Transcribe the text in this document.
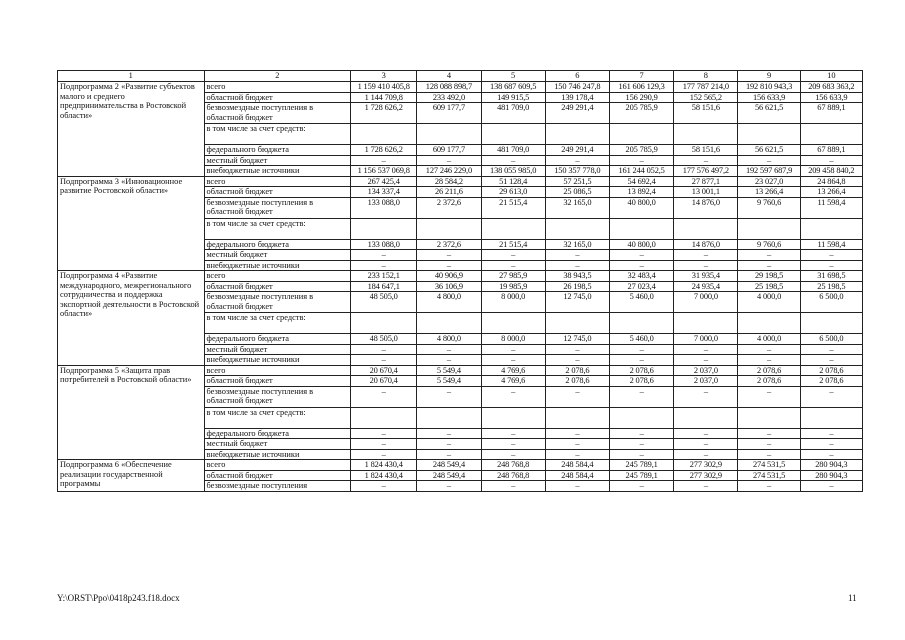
1	2	3	4	5	6	7	8	9	10
Подпрограмма 2 «Развитие субъектов малого и среднего предпринимательства в Ростовской области»	всего	1 159 410 405,8	128 088 898,7	138 687 609,5	150 746 247,8	161 606 129,3	177 787 214,0	192 810 943,3	209 683 363,2
	областной бюджет	1 144 709,8	233 492,0	149 915,5	139 178,4	156 290,9	152 565,2	156 633,9	156 633,9
	безвозмездные поступления в областной бюджет	1 728 626,2	609 177,7	481 709,0	249 291,4	205 785,9	58 151,6	56 621,5	67 889,1
	в том числе за счет средств:								
	федерального бюджета	1 728 626,2	609 177,7	481 709,0	249 291,4	205 785,9	58 151,6	56 621,5	67 889,1
	местный бюджет	–	–	–	–	–	–	–	–
	внебюджетные источники	1 156 537 069,8	127 246 229,0	138 055 985,0	150 357 778,0	161 244 052,5	177 576 497,2	192 597 687,9	209 458 840,2
Подпрограмма 3 «Инновационное развитие Ростовской области»	всего	267 425,4	28 584,2	51 128,4	57 251,5	54 692,4	27 877,1	23 027,0	24 864,8
	областной бюджет	134 337,4	26 211,6	29 613,0	25 086,5	13 892,4	13 001,1	13 266,4	13 266,4
	безвозмездные поступления в областной бюджет	133 088,0	2 372,6	21 515,4	32 165,0	40 800,0	14 876,0	9 760,6	11 598,4
	в том числе за счет средств:								
	федерального бюджета	133 088,0	2 372,6	21 515,4	32 165,0	40 800,0	14 876,0	9 760,6	11 598,4
	местный бюджет	–	–	–	–	–	–	–	–
	внебюджетные источники	–	–	–	–	–	–	–	–
Подпрограмма 4 «Развитие международного, межрегионального сотрудничества и поддержка экспортной деятельности в Ростовской области»	всего	233 152,1	40 906,9	27 985,9	38 943,5	32 483,4	31 935,4	29 198,5	31 698,5
	областной бюджет	184 647,1	36 106,9	19 985,9	26 198,5	27 023,4	24 935,4	25 198,5	25 198,5
	безвозмездные поступления в областной бюджет	48 505,0	4 800,0	8 000,0	12 745,0	5 460,0	7 000,0	4 000,0	6 500,0
	в том числе за счет средств:								
	федерального бюджета	48 505,0	4 800,0	8 000,0	12 745,0	5 460,0	7 000,0	4 000,0	6 500,0
	местный бюджет	–	–	–	–	–	–	–	–
	внебюджетные источники	–	–	–	–	–	–	–	–
Подпрограмма 5 «Защита прав потребителей в Ростовской области»	всего	20 670,4	5 549,4	4 769,6	2 078,6	2 078,6	2 037,0	2 078,6	2 078,6
	областной бюджет	20 670,4	5 549,4	4 769,6	2 078,6	2 078,6	2 037,0	2 078,6	2 078,6
	безвозмездные поступления в областной бюджет	–	–	–	–	–	–	–	–
	в том числе за счет средств:								
	федерального бюджета	–	–	–	–	–	–	–	–
	местный бюджет	–	–	–	–	–	–	–	–
	внебюджетные источники	–	–	–	–	–	–	–	–
Подпрограмма 6 «Обеспечение реализации государственной программы	всего	1 824 430,4	248 549,4	248 768,8	248 584,4	245 789,1	277 302,9	274 531,5	280 904,3
	областной бюджет	1 824 430,4	248 549,4	248 768,8	248 584,4	245 789,1	277 302,9	274 531,5	280 904,3
	безвозмездные поступления	–	–	–	–	–	–	–	–
Y:\ORST\Ppo\0418p243.f18.docx	11
